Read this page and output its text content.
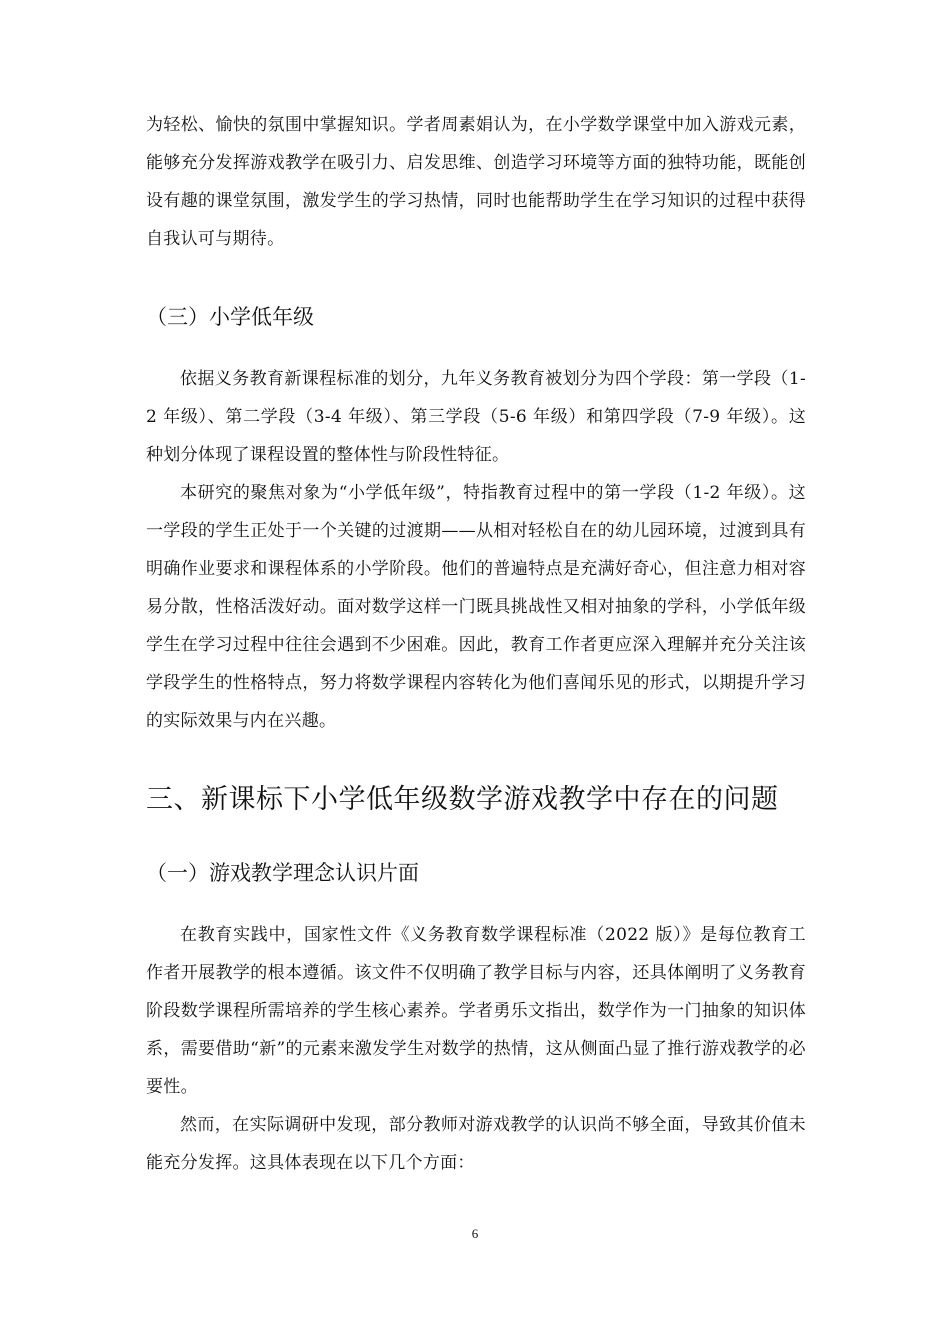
为轻松、愉快的氛围中掌握知识。学者周素娟认为，在小学数学课堂中加入游戏元素，能够充分发挥游戏教学在吸引力、启发思维、创造学习环境等方面的独特功能，既能创设有趣的课堂氛围，激发学生的学习热情，同时也能帮助学生在学习知识的过程中获得自我认可与期待。

（三）小学低年级

依据义务教育新课程标准的划分，九年义务教育被划分为四个学段：第一学段（1-2 年级）、第二学段（3-4 年级）、第三学段（5-6 年级）和第四学段（7-9 年级）。这种划分体现了课程设置的整体性与阶段性特征。

本研究的聚焦对象为“小学低年级”，特指教育过程中的第一学段（1-2 年级）。这一学段的学生正处于一个关键的过渡期——从相对轻松自在的幼儿园环境，过渡到具有明确作业要求和课程体系的小学阶段。他们的普遍特点是充满好奇心，但注意力相对容易分散，性格活泼好动。面对数学这样一门既具挑战性又相对抽象的学科，小学低年级学生在学习过程中往往会遇到不少困难。因此，教育工作者更应深入理解并充分关注该学段学生的性格特点，努力将数学课程内容转化为他们喜闻乐见的形式，以期提升学习的实际效果与内在兴趣。

三、新课标下小学低年级数学游戏教学中存在的问题
（一）游戏教学理念认识片面

在教育实践中，国家性文件《义务教育数学课程标准（2022 版）》是每位教育工作者开展教学的根本遵循。该文件不仅明确了教学目标与内容，还具体阐明了义务教育阶段数学课程所需培养的学生核心素养。学者勇乐文指出，数学作为一门抽象的知识体系，需要借助“新”的元素来激发学生对数学的热情，这从侧面凸显了推行游戏教学的必要性。

然而，在实际调研中发现，部分教师对游戏教学的认识尚不够全面，导致其价值未能充分发挥。这具体表现在以下几个方面：

6
